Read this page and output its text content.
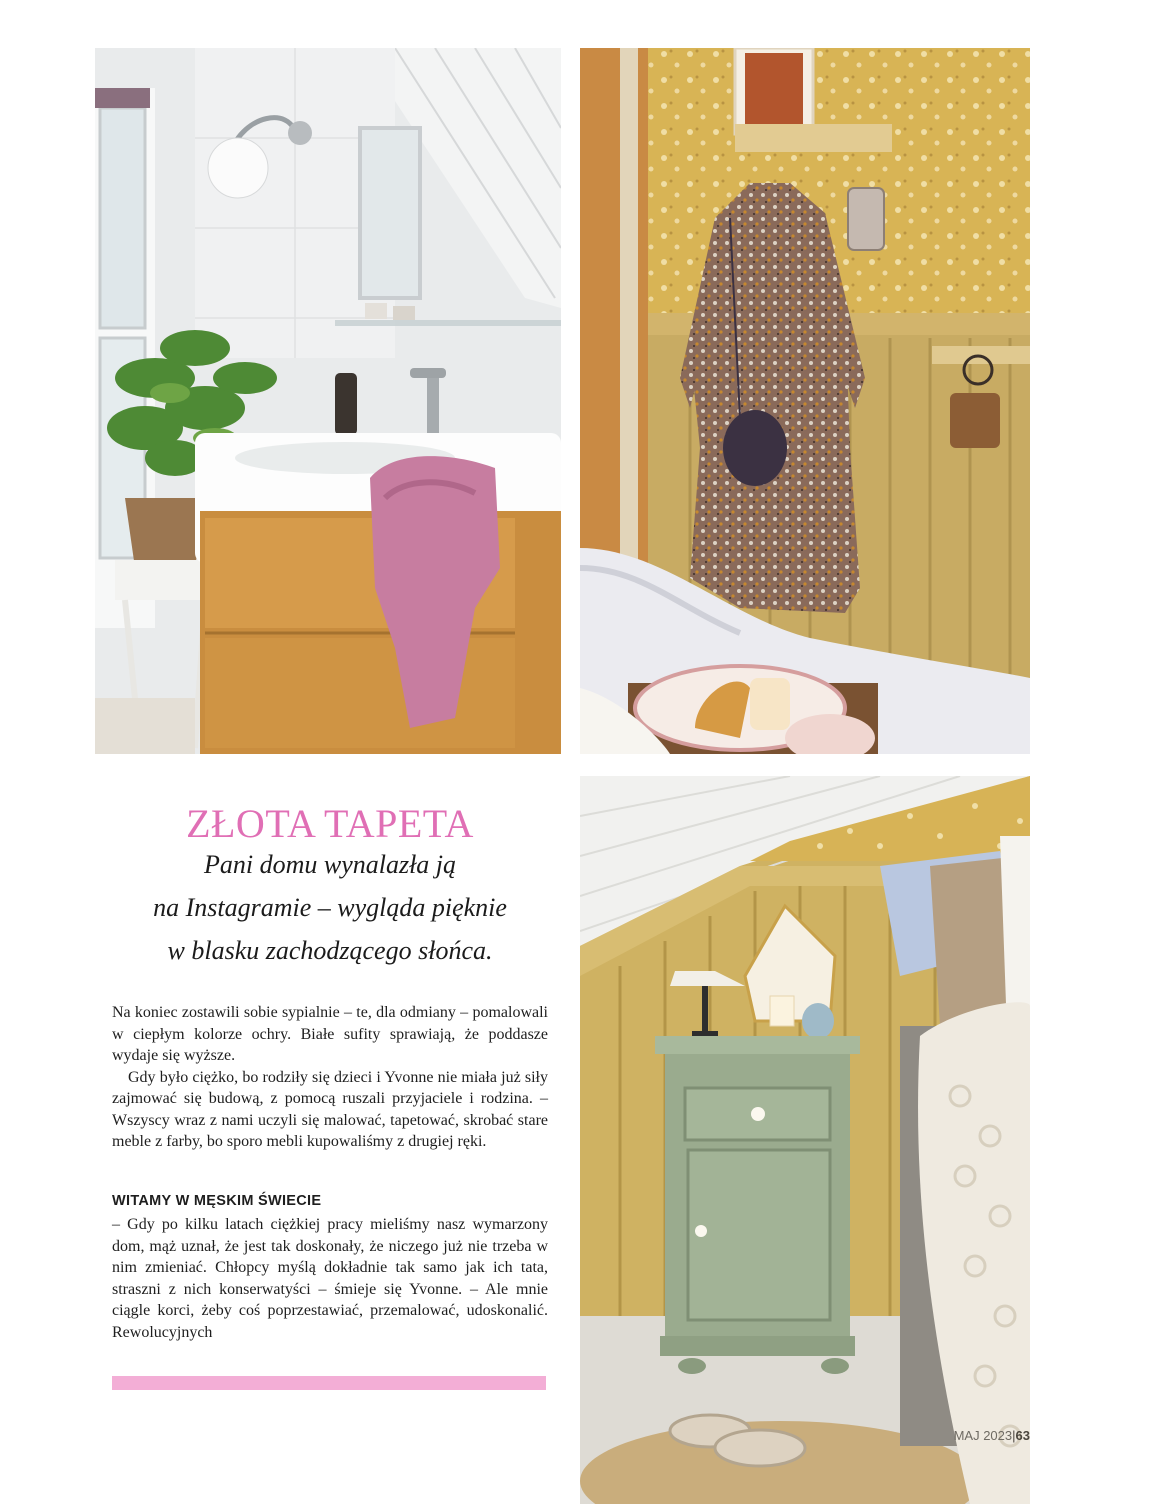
ZŁOTA TAPETA
Pani domu wynalazła ją
na Instagramie – wygląda pięknie
w blasku zachodzącego słońca.

Na koniec zostawili sobie sypialnie – te, dla odmiany – pomalowali w ciepłym kolorze ochry. Białe sufity sprawiają, że poddasze wydaje się wyższe.

Gdy było ciężko, bo rodziły się dzieci i Yvonne nie miała już siły zajmować się budową, z pomocą ruszali przyjaciele i rodzina. – Wszyscy wraz z nami uczyli się malować, tapetować, skrobać stare meble z farby, bo sporo mebli kupowaliśmy z drugiej ręki.

WITAMY W MĘSKIM ŚWIECIE

– Gdy po kilku latach ciężkiej pracy mieliśmy nasz wymarzony dom, mąż uznał, że jest tak doskonały, że niczego już nie trzeba w nim zmieniać. Chłopcy myślą dokładnie tak samo jak ich tata, straszni z nich konserwatyści – śmieje się Yvonne. – Ale mnie ciągle korci, żeby coś poprzestawiać, przemalować, udoskonalić. Rewolucyjnych

MAJ 2023|63
